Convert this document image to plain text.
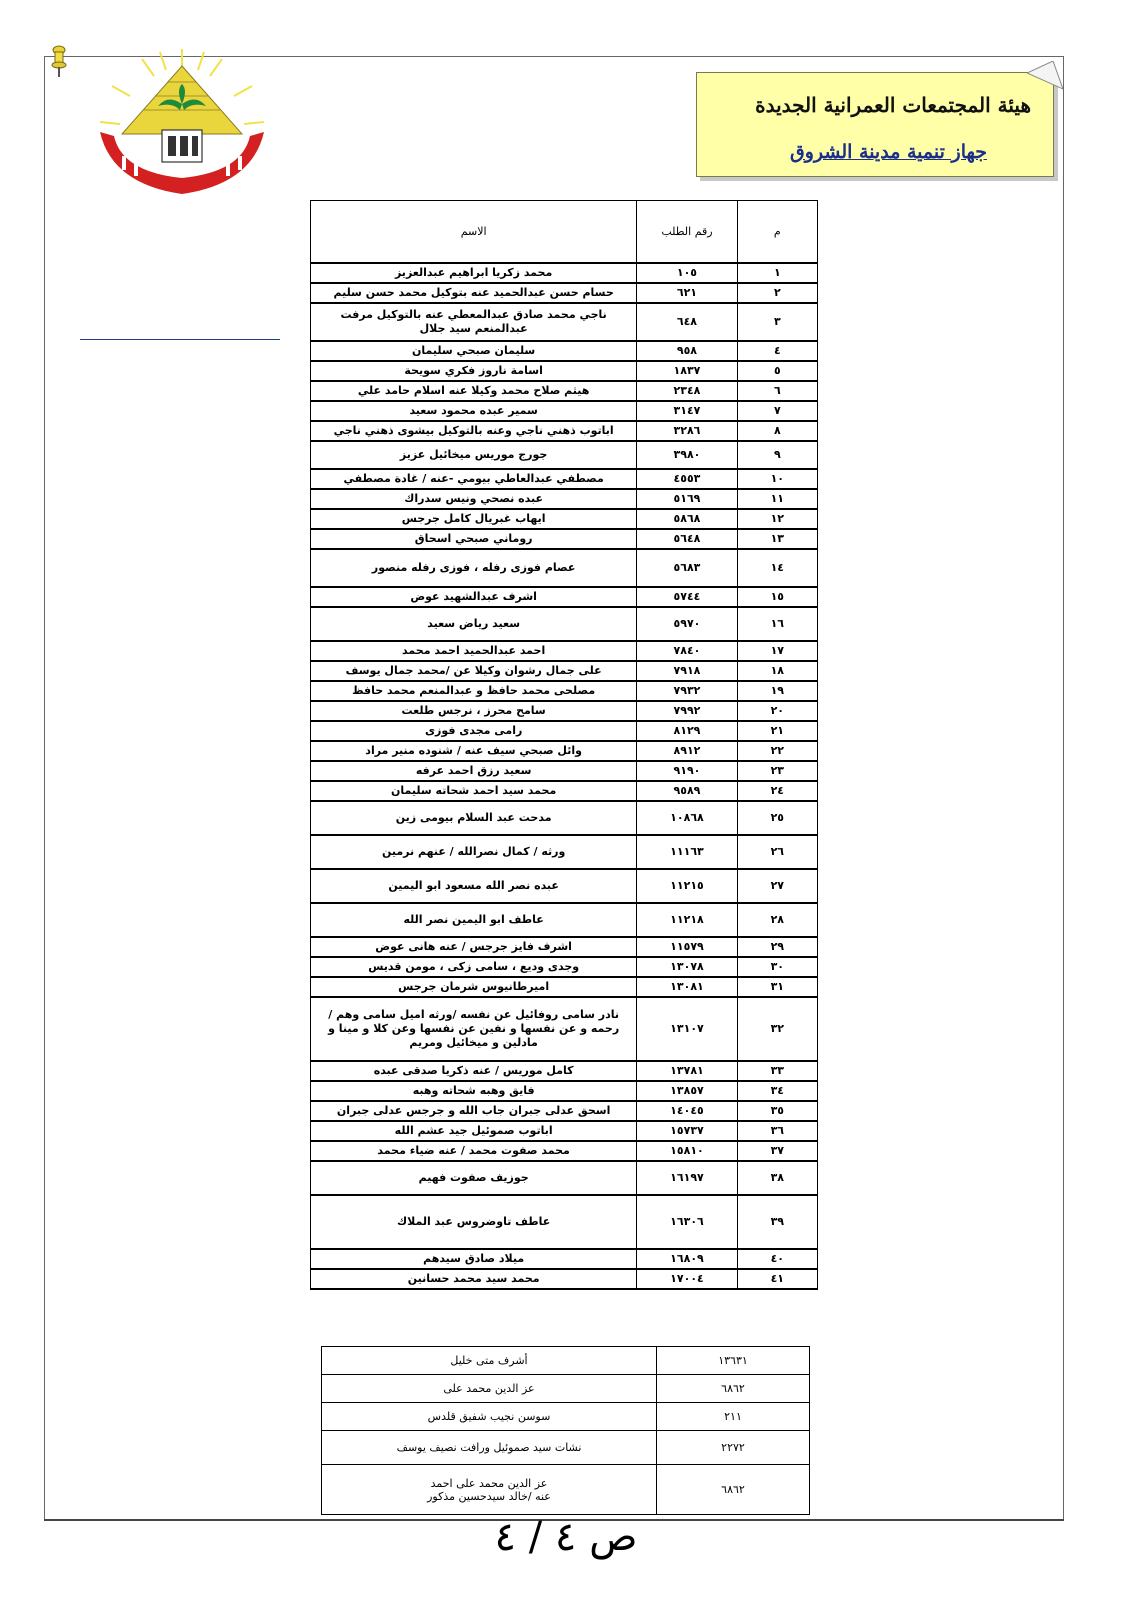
هيئة المجتمعات العمرانية الجديدة
جهاز تنمية مدينة الشروق
م	رقم الطلب	الاسم
١	١٠٥	محمد زكريا ابراهيم عبدالعزيز
٢	٦٢١	حسام حسن عبدالحميد عنه بتوكيل محمد حسن سليم
٣	٦٤٨	ناجي محمد صادق عبدالمعطي عنه بالتوكيل مرفت عبدالمنعم سيد جلال
٤	٩٥٨	سليمان صبحي سليمان
٥	١٨٣٧	اسامة ناروز فكري سويحة
٦	٢٣٤٨	هيثم صلاح محمد وكيلا عنه اسلام حامد علي
٧	٣١٤٧	سمير عبده محمود سعيد
٨	٣٢٨٦	اباتوب ذهني ناجي وعنه بالتوكيل بيشوى ذهني ناجي
٩	٣٩٨٠	جورج موريس ميخائيل عزيز
١٠	٤٥٥٣	مصطفي عبدالعاطي بيومي -عنه / غادة مصطفي
١١	٥١٦٩	عبده نصحي ونيس سدراك
١٢	٥٨٦٨	ايهاب غبريال كامل جرجس
١٣	٥٦٤٨	روماني صبحي اسحاق
١٤	٥٦٨٣	عصام فوزى رفله ، فوزى رفله منصور
١٥	٥٧٤٤	اشرف عبدالشهيد عوض
١٦	٥٩٧٠	سعيد رياض سعيد
١٧	٧٨٤٠	احمد عبدالحميد احمد محمد
١٨	٧٩١٨	على جمال رشوان وكيلا عن /محمد جمال يوسف
١٩	٧٩٣٢	مصلحى محمد حافظ و عبدالمنعم محمد حافظ
٢٠	٧٩٩٢	سامح محرز ، نرجس طلعت
٢١	٨١٢٩	رامى مجدى فوزى
٢٢	٨٩١٢	وائل صبحي سيف عنه / شنوده منير مراد
٢٣	٩١٩٠	سعيد رزق احمد عرفه
٢٤	٩٥٨٩	محمد سيد احمد شحاته سليمان
٢٥	١٠٨٦٨	مدحت عبد السلام بيومى زين
٢٦	١١١٦٣	ورثه / كمال نصرالله / عنهم نرمين
٢٧	١١٢١٥	عبده نصر الله مسعود ابو اليمين
٢٨	١١٢١٨	عاطف ابو اليمين نصر الله
٢٩	١١٥٧٩	اشرف فايز جرجس / عنه هانى عوض
٣٠	١٣٠٧٨	وجدى وديع ، سامى زكى ، مومن قديس
٣١	١٣٠٨١	اميرطانيوس شرمان جرجس
٣٢	١٣١٠٧	نادر سامى روفائيل عن نفسه /ورثه اميل سامى وهم / رحمه و عن نفسها و نفين عن نفسها وعن كلا و مينا و مادلين و ميخائيل ومريم
٣٣	١٣٧٨١	كامل موريس / عنه ذكريا صدقى عبده
٣٤	١٣٨٥٧	فايق وهبه شحاته وهبه
٣٥	١٤٠٤٥	اسحق عدلى جبران جاب الله و جرجس عدلى جبران
٣٦	١٥٧٣٧	اباتوب صموئيل جيد عشم الله
٣٧	١٥٨١٠	محمد صفوت محمد / عنه ضياء محمد
٣٨	١٦١٩٧	جوزيف صفوت فهيم
٣٩	١٦٣٠٦	عاطف تاوضروس عبد الملاك
٤٠	١٦٨٠٩	ميلاد صادق سيدهم
٤١	١٧٠٠٤	محمد سيد محمد حسانين
١٣٦٣١	أشرف متى خليل
٦٨٦٢	عز الدين محمد على
٢١١	سوسن نجيب شفيق قلدس
٢٢٧٢	نشات سيد صموئيل ورافت نصيف يوسف
٦٨٦٢	عز الدين محمد على احمد
عنه /خالد سيدحسين مذكور
ص ٤ / ٤
